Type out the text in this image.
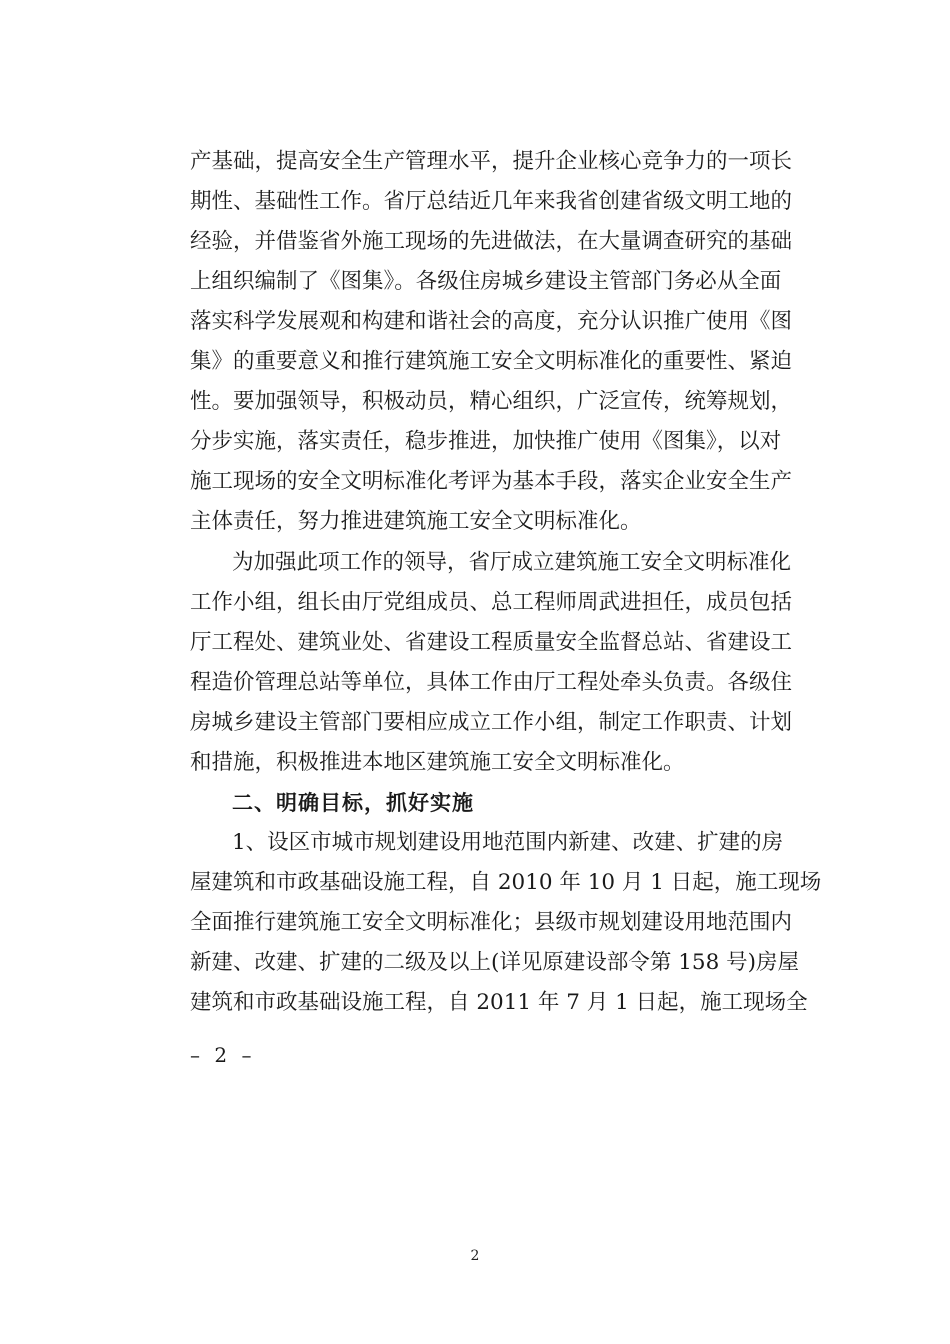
产基础，提高安全生产管理水平，提升企业核心竞争力的一项长
期性、基础性工作。省厅总结近几年来我省创建省级文明工地的
经验，并借鉴省外施工现场的先进做法，在大量调查研究的基础
上组织编制了《图集》。各级住房城乡建设主管部门务必从全面
落实科学发展观和构建和谐社会的高度，充分认识推广使用《图
集》的重要意义和推行建筑施工安全文明标准化的重要性、紧迫
性。要加强领导，积极动员，精心组织，广泛宣传，统筹规划，
分步实施，落实责任，稳步推进，加快推广使用《图集》，以对
施工现场的安全文明标准化考评为基本手段，落实企业安全生产
主体责任，努力推进建筑施工安全文明标准化。
为加强此项工作的领导，省厅成立建筑施工安全文明标准化
工作小组，组长由厅党组成员、总工程师周武进担任，成员包括
厅工程处、建筑业处、省建设工程质量安全监督总站、省建设工
程造价管理总站等单位，具体工作由厅工程处牵头负责。各级住
房城乡建设主管部门要相应成立工作小组，制定工作职责、计划
和措施，积极推进本地区建筑施工安全文明标准化。
二、明确目标，抓好实施
1、设区市城市规划建设用地范围内新建、改建、扩建的房
屋建筑和市政基础设施工程，自 2010 年 10 月 1 日起，施工现场
全面推行建筑施工安全文明标准化；县级市规划建设用地范围内
新建、改建、扩建的二级及以上(详见原建设部令第 158 号)房屋
建筑和市政基础设施工程，自 2011 年 7 月 1 日起，施工现场全
– 2 –
2
